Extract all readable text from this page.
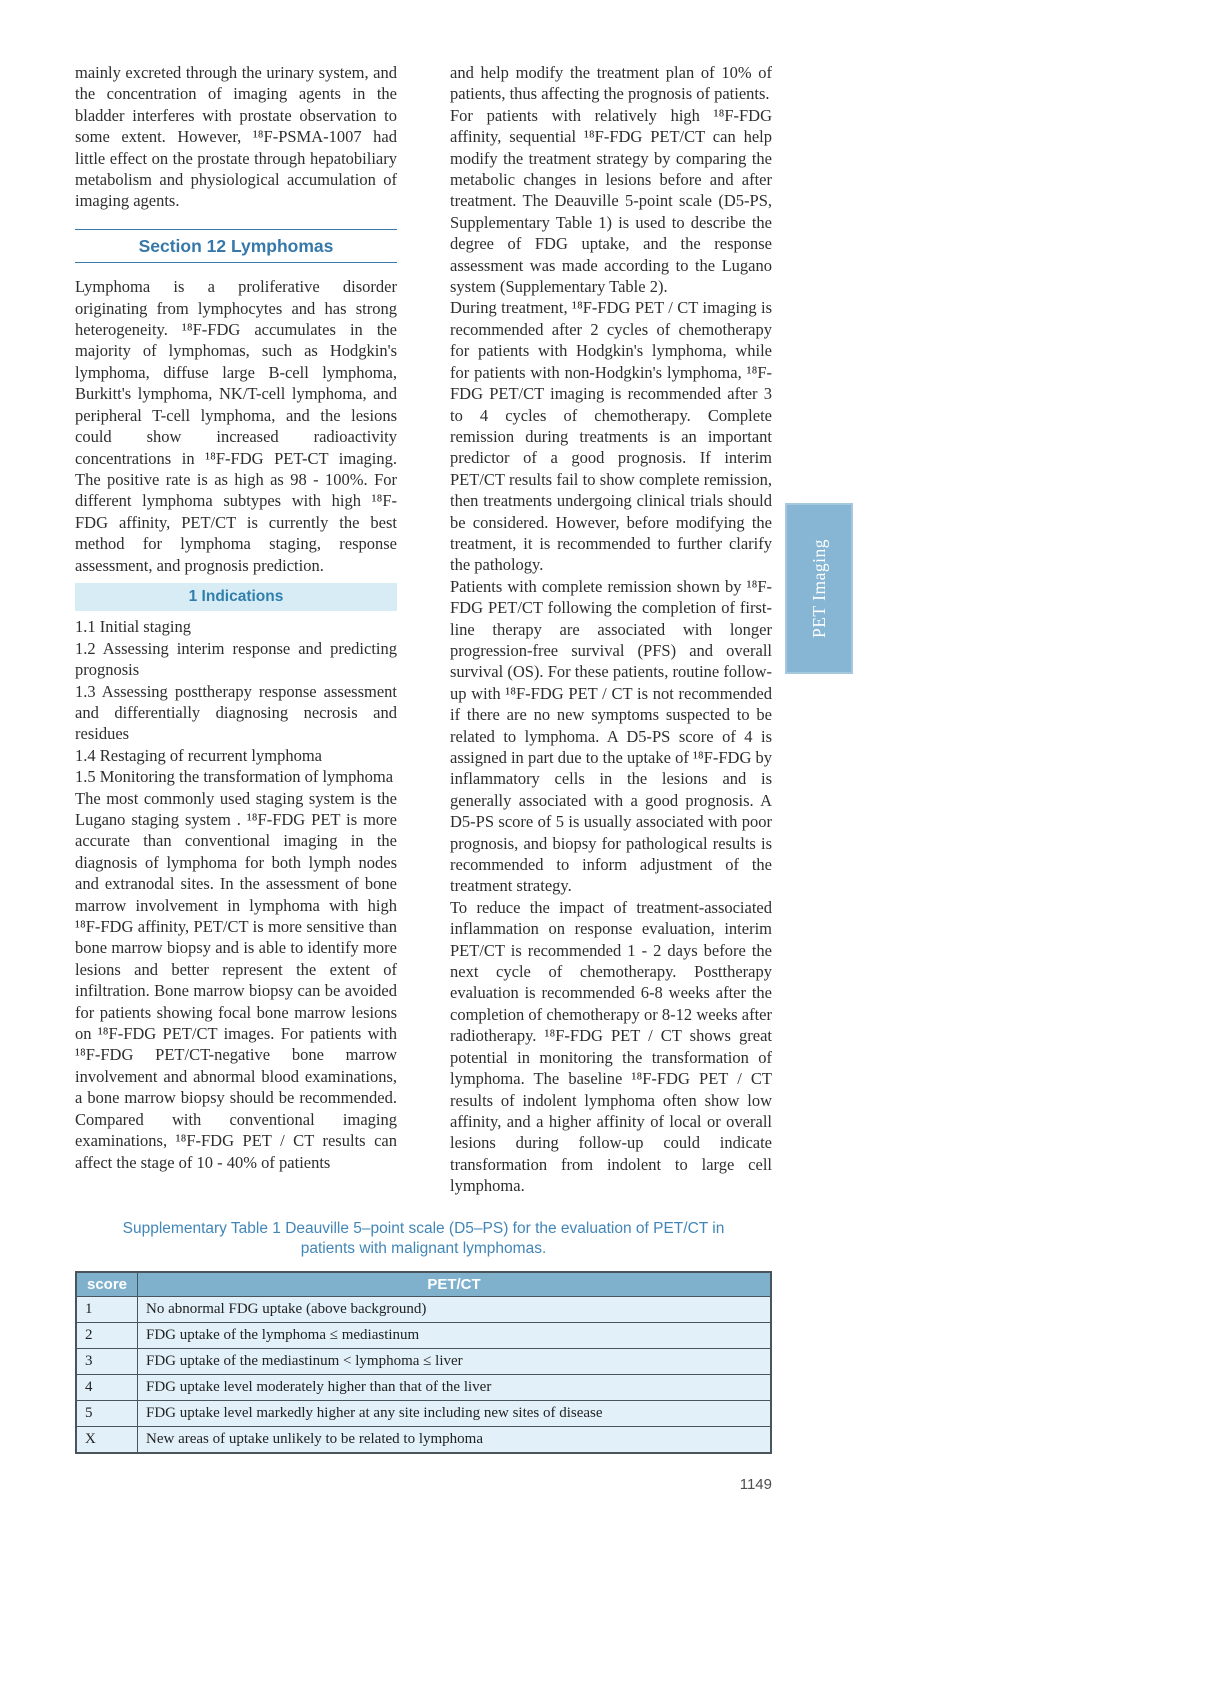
mainly excreted through the urinary system, and the concentration of imaging agents in the bladder interferes with prostate observation to some extent. However, ¹⁸F-PSMA-1007 had little effect on the prostate through hepatobiliary metabolism and physiological accumulation of imaging agents.

Section 12 Lymphomas

Lymphoma is a proliferative disorder originating from lymphocytes and has strong heterogeneity. ¹⁸F-FDG accumulates in the majority of lymphomas, such as Hodgkin's lymphoma, diffuse large B-cell lymphoma, Burkitt's lymphoma, NK/T-cell lymphoma, and peripheral T-cell lymphoma, and the lesions could show increased radioactivity concentrations in ¹⁸F-FDG PET-CT imaging. The positive rate is as high as 98 - 100%. For different lymphoma subtypes with high ¹⁸F-FDG affinity, PET/CT is currently the best method for lymphoma staging, response assessment, and prognosis prediction.

1 Indications

1.1 Initial staging

1.2 Assessing interim response and predicting prognosis

1.3 Assessing posttherapy response assessment and differentially diagnosing necrosis and residues

1.4 Restaging of recurrent lymphoma

1.5 Monitoring the transformation of lymphoma

The most commonly used staging system is the Lugano staging system . ¹⁸F-FDG PET is more accurate than conventional imaging in the diagnosis of lymphoma for both lymph nodes and extranodal sites. In the assessment of bone marrow involvement in lymphoma with high ¹⁸F-FDG affinity, PET/CT is more sensitive than bone marrow biopsy and is able to identify more lesions and better represent the extent of infiltration. Bone marrow biopsy can be avoided for patients showing focal bone marrow lesions on ¹⁸F-FDG PET/CT images. For patients with ¹⁸F-FDG PET/CT-negative bone marrow involvement and abnormal blood examinations, a bone marrow biopsy should be recommended. Compared with conventional imaging examinations, ¹⁸F-FDG PET / CT results can affect the stage of 10 - 40% of patients

and help modify the treatment plan of 10% of patients, thus affecting the prognosis of patients.

For patients with relatively high ¹⁸F-FDG affinity, sequential ¹⁸F-FDG PET/CT can help modify the treatment strategy by comparing the metabolic changes in lesions before and after treatment. The Deauville 5-point scale (D5-PS, Supplementary Table 1) is used to describe the degree of FDG uptake, and the response assessment was made according to the Lugano system (Supplementary Table 2).

During treatment, ¹⁸F-FDG PET / CT imaging is recommended after 2 cycles of chemotherapy for patients with Hodgkin's lymphoma, while for patients with non-Hodgkin's lymphoma, ¹⁸F-FDG PET/CT imaging is recommended after 3 to 4 cycles of chemotherapy. Complete remission during treatments is an important predictor of a good prognosis. If interim PET/CT results fail to show complete remission, then treatments undergoing clinical trials should be considered. However, before modifying the treatment, it is recommended to further clarify the pathology.

Patients with complete remission shown by ¹⁸F-FDG PET/CT following the completion of first-line therapy are associated with longer progression-free survival (PFS) and overall survival (OS). For these patients, routine follow-up with ¹⁸F-FDG PET / CT is not recommended if there are no new symptoms suspected to be related to lymphoma. A D5-PS score of 4 is assigned in part due to the uptake of ¹⁸F-FDG by inflammatory cells in the lesions and is generally associated with a good prognosis. A D5-PS score of 5 is usually associated with poor prognosis, and biopsy for pathological results is recommended to inform adjustment of the treatment strategy.

To reduce the impact of treatment-associated inflammation on response evaluation, interim PET/CT is recommended 1 - 2 days before the next cycle of chemotherapy. Posttherapy evaluation is recommended 6-8 weeks after the completion of chemotherapy or 8-12 weeks after radiotherapy. ¹⁸F-FDG PET / CT shows great potential in monitoring the transformation of lymphoma. The baseline ¹⁸F-FDG PET / CT results of indolent lymphoma often show low affinity, and a higher affinity of local or overall lesions during follow-up could indicate transformation from indolent to large cell lymphoma.

Supplementary Table 1 Deauville 5–point scale (D5–PS) for the evaluation of PET/CT in patients with malignant lymphomas.
score	PET/CT
1	No abnormal FDG uptake (above background)
2	FDG uptake of the lymphoma ≤ mediastinum
3	FDG uptake of the mediastinum < lymphoma ≤ liver
4	FDG uptake level moderately higher than that of the liver
5	FDG uptake level markedly higher at any site including new sites of disease
X	New areas of uptake unlikely to be related to lymphoma
1149
PET Imaging
